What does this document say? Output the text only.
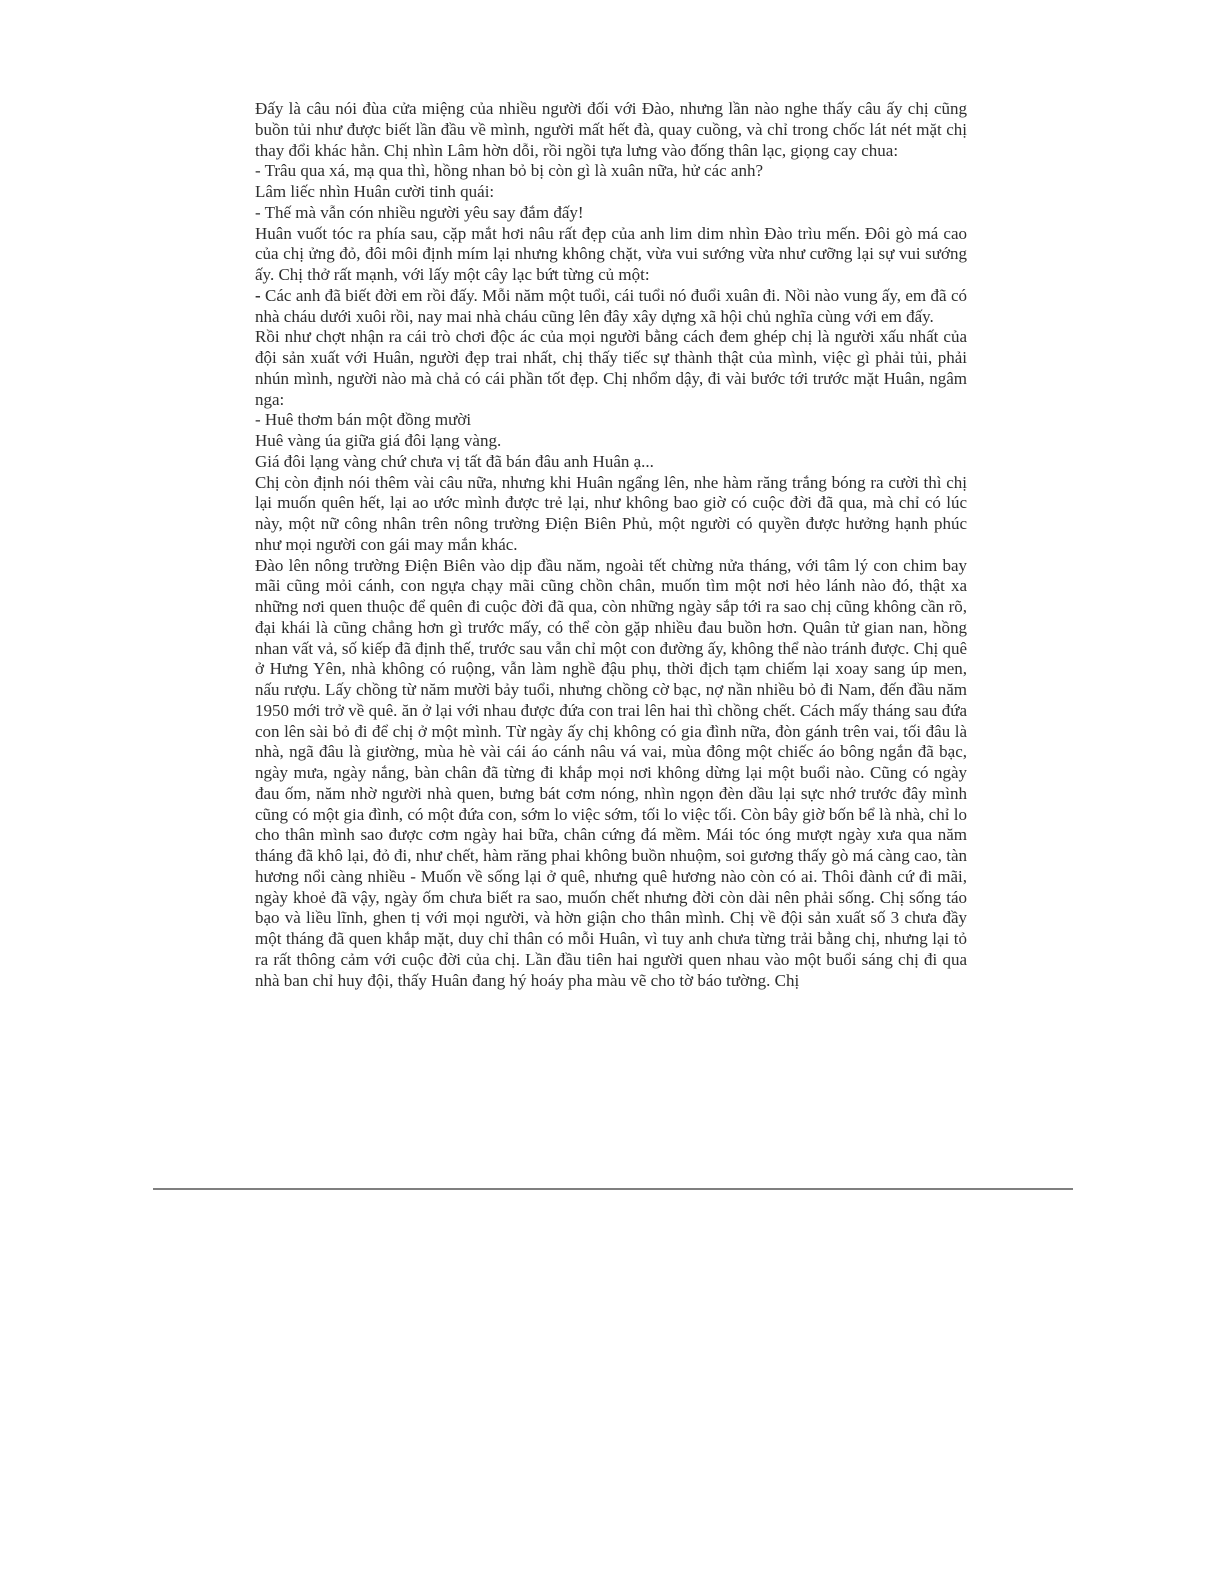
Đấy là câu nói đùa cửa miệng của nhiều người đối với Đào, nhưng lần nào nghe thấy câu ấy chị cũng buồn tủi như được biết lần đầu về mình, người mất hết đà, quay cuồng, và chỉ trong chốc lát nét mặt chị thay đổi khác hẳn. Chị nhìn Lâm hờn dỗi, rồi ngồi tựa lưng vào đống thân lạc, giọng cay chua:

- Trâu qua xá, mạ qua thì, hồng nhan bỏ bị còn gì là xuân nữa, hử các anh?

Lâm liếc nhìn Huân cười tinh quái:

- Thế mà vẫn cón nhiều người yêu say đắm đấy!

Huân vuốt tóc ra phía sau, cặp mắt hơi nâu rất đẹp của anh lim dim nhìn Đào trìu mến. Đôi gò má cao của chị ửng đỏ, đôi môi định mím lại nhưng không chặt, vừa vui sướng vừa như cưỡng lại sự vui sướng ấy. Chị thở rất mạnh, với lấy một cây lạc bứt từng củ một:

- Các anh đã biết đời em rồi đấy. Mỗi năm một tuổi, cái tuổi nó đuổi xuân đi. Nồi nào vung ấy, em đã có nhà cháu dưới xuôi rồi, nay mai nhà cháu cũng lên đây xây dựng xã hội chủ nghĩa cùng với em đấy.

Rồi như chợt nhận ra cái trò chơi độc ác của mọi người bằng cách đem ghép chị là người xấu nhất của đội sản xuất với Huân, người đẹp trai nhất, chị thấy tiếc sự thành thật của mình, việc gì phải tủi, phải nhún mình, người nào mà chả có cái phần tốt đẹp. Chị nhổm dậy, đi vài bước tới trước mặt Huân, ngâm nga:

- Huê thơm bán một đồng mười

Huê vàng úa giữa giá đôi lạng vàng.

Giá đôi lạng vàng chứ chưa vị tất đã bán đâu anh Huân ạ...

Chị còn định nói thêm vài câu nữa, nhưng khi Huân ngẩng lên, nhe hàm răng trắng bóng ra cười thì chị lại muốn quên hết, lại ao ước mình được trẻ lại, như không bao giờ có cuộc đời đã qua, mà chỉ có lúc này, một nữ công nhân trên nông trường Điện Biên Phủ, một người có quyền được hưởng hạnh phúc như mọi người con gái may mắn khác.

Đào lên nông trường Điện Biên vào dịp đầu năm, ngoài tết chừng nửa tháng, với tâm lý con chim bay mãi cũng mỏi cánh, con ngựa chạy mãi cũng chồn chân, muốn tìm một nơi hẻo lánh nào đó, thật xa những nơi quen thuộc để quên đi cuộc đời đã qua, còn những ngày sắp tới ra sao chị cũng không cần rõ, đại khái là cũng chẳng hơn gì trước mấy, có thể còn gặp nhiều đau buồn hơn. Quân tử gian nan, hồng nhan vất vả, số kiếp đã định thế, trước sau vẫn chỉ một con đường ấy, không thể nào tránh được. Chị quê ở Hưng Yên, nhà không có ruộng, vẫn làm nghề đậu phụ, thời địch tạm chiếm lại xoay sang úp men, nấu rượu. Lấy chồng từ năm mười bảy tuổi, nhưng chồng cờ bạc, nợ nần nhiều bỏ đi Nam, đến đầu năm 1950 mới trở về quê. ăn ở lại với nhau được đứa con trai lên hai thì chồng chết. Cách mấy tháng sau đứa con lên sài bỏ đi để chị ở một mình. Từ ngày ấy chị không có gia đình nữa, đòn gánh trên vai, tối đâu là nhà, ngã đâu là giường, mùa hè vài cái áo cánh nâu vá vai, mùa đông một chiếc áo bông ngắn đã bạc, ngày mưa, ngày nắng, bàn chân đã từng đi khắp mọi nơi không dừng lại một buổi nào. Cũng có ngày đau ốm, năm nhờ người nhà quen, bưng bát cơm nóng, nhìn ngọn đèn dầu lại sực nhớ trước đây mình cũng có một gia đình, có một đứa con, sớm lo việc sớm, tối lo việc tối. Còn bây giờ bốn bể là nhà, chỉ lo cho thân mình sao được cơm ngày hai bữa, chân cứng đá mềm. Mái tóc óng mượt ngày xưa qua năm tháng đã khô lại, đỏ đi, như chết, hàm răng phai không buồn nhuộm, soi gương thấy gò má càng cao, tàn hương nổi càng nhiều - Muốn về sống lại ở quê, nhưng quê hương nào còn có ai. Thôi đành cứ đi mãi, ngày khoẻ đã vậy, ngày ốm chưa biết ra sao, muốn chết nhưng đời còn dài nên phải sống. Chị sống táo bạo và liều lĩnh, ghen tị với mọi người, và hờn giận cho thân mình. Chị về đội sản xuất số 3 chưa đầy một tháng đã quen khắp mặt, duy chỉ thân có mỗi Huân, vì tuy anh chưa từng trải bằng chị, nhưng lại tỏ ra rất thông cảm với cuộc đời của chị. Lần đầu tiên hai người quen nhau vào một buổi sáng chị đi qua nhà ban chỉ huy đội, thấy Huân đang hý hoáy pha màu vẽ cho tờ báo tường. Chị
